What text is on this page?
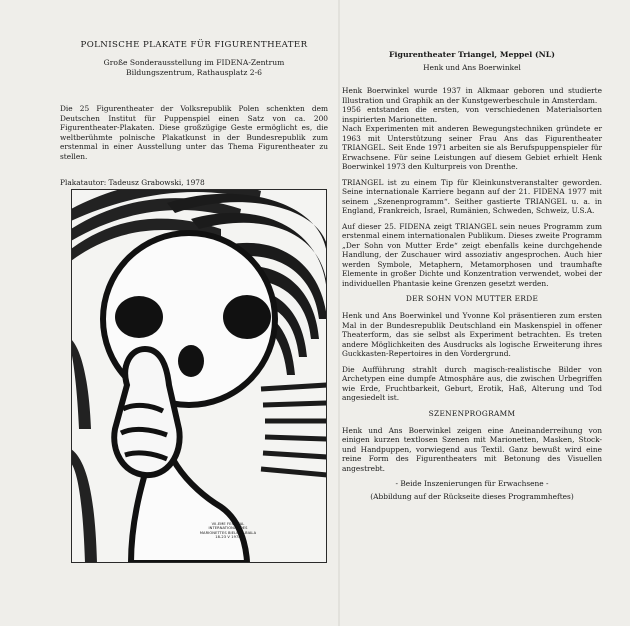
POLNISCHE PLAKATE FÜR FIGURENTHEATER

Große Sonderausstellung im FIDENA-Zentrum
Bildungszentrum, Rathausplatz 2-6

Die 25 Figurentheater der Volksrepublik Polen schenkten dem Deutschen Institut für Puppenspiel einen Satz von ca. 200 Figurentheater-Plakaten. Diese großzügige Geste ermöglicht es, die weltberühmte polnische Plakatkunst in der Bundesrepublik zum erstenmal in einer Ausstellung unter das Thema Figurentheater zu stellen.

Plakatautor: Tadeusz Grabowski, 1978
VII-EME FESTIVAL INTERNATIONAL DES MARIONETTES BIELSKO-BIALA 18-23 V 1978

Figurentheater Triangel, Meppel (NL)

Henk und Ans Boerwinkel

Henk Boerwinkel wurde 1937 in Alkmaar geboren und studierte Illustration und Graphik an der Kunstgewerbeschule in Amsterdam.

1956 entstanden die ersten, von verschiedenen Materialsorten inspirierten Marionetten.

Nach Experimenten mit anderen Bewegungstechniken gründete er 1963 mit Unterstützung seiner Frau Ans das Figurentheater TRIANGEL. Seit Ende 1971 arbeiten sie als Berufspuppenspieler für Erwachsene. Für seine Leistungen auf diesem Gebiet erhielt Henk Boerwinkel 1973 den Kulturpreis von Drenthe.

TRIANGEL ist zu einem Tip für Kleinkunstveranstalter geworden. Seine internationale Karriere begann auf der 21. FIDENA 1977 mit seinem „Szenenprogramm“. Seither gastierte TRIANGEL u. a. in England, Frankreich, Israel, Rumänien, Schweden, Schweiz, U.S.A.

Auf dieser 25. FIDENA zeigt TRIANGEL sein neues Programm zum erstenmal einem internationalen Publikum. Dieses zweite Programm „Der Sohn von Mutter Erde“ zeigt ebenfalls keine durchgehende Handlung, der Zuschauer wird assoziativ angesprochen. Auch hier werden Symbole, Metaphern, Metamorphosen und traumhafte Elemente in großer Dichte und Konzentration verwendet, wobei der individuellen Phantasie keine Grenzen gesetzt werden.

DER SOHN VON MUTTER ERDE

Henk und Ans Boerwinkel und Yvonne Kol präsentieren zum ersten Mal in der Bundesrepublik Deutschland ein Maskenspiel in offener Theaterform, das sie selbst als Experiment betrachten. Es treten andere Möglichkeiten des Ausdrucks als logische Erweiterung ihres Guckkasten-Repertoires in den Vordergrund.

Die Aufführung strahlt durch magisch-realistische Bilder von Archetypen eine dumpfe Atmosphäre aus, die zwischen Urbegriffen wie Erde, Fruchtbarkeit, Geburt, Erotik, Haß, Alterung und Tod angesiedelt ist.

SZENENPROGRAMM

Henk und Ans Boerwinkel zeigen eine Aneinanderreihung von einigen kurzen textlosen Szenen mit Marionetten, Masken, Stock- und Handpuppen, vorwiegend aus Textil. Ganz bewußt wird eine reine Form des Figurentheaters mit Betonung des Visuellen angestrebt.

- Beide Inszenierungen für Erwachsene -

(Abbildung auf der Rückseite dieses Programmheftes)
